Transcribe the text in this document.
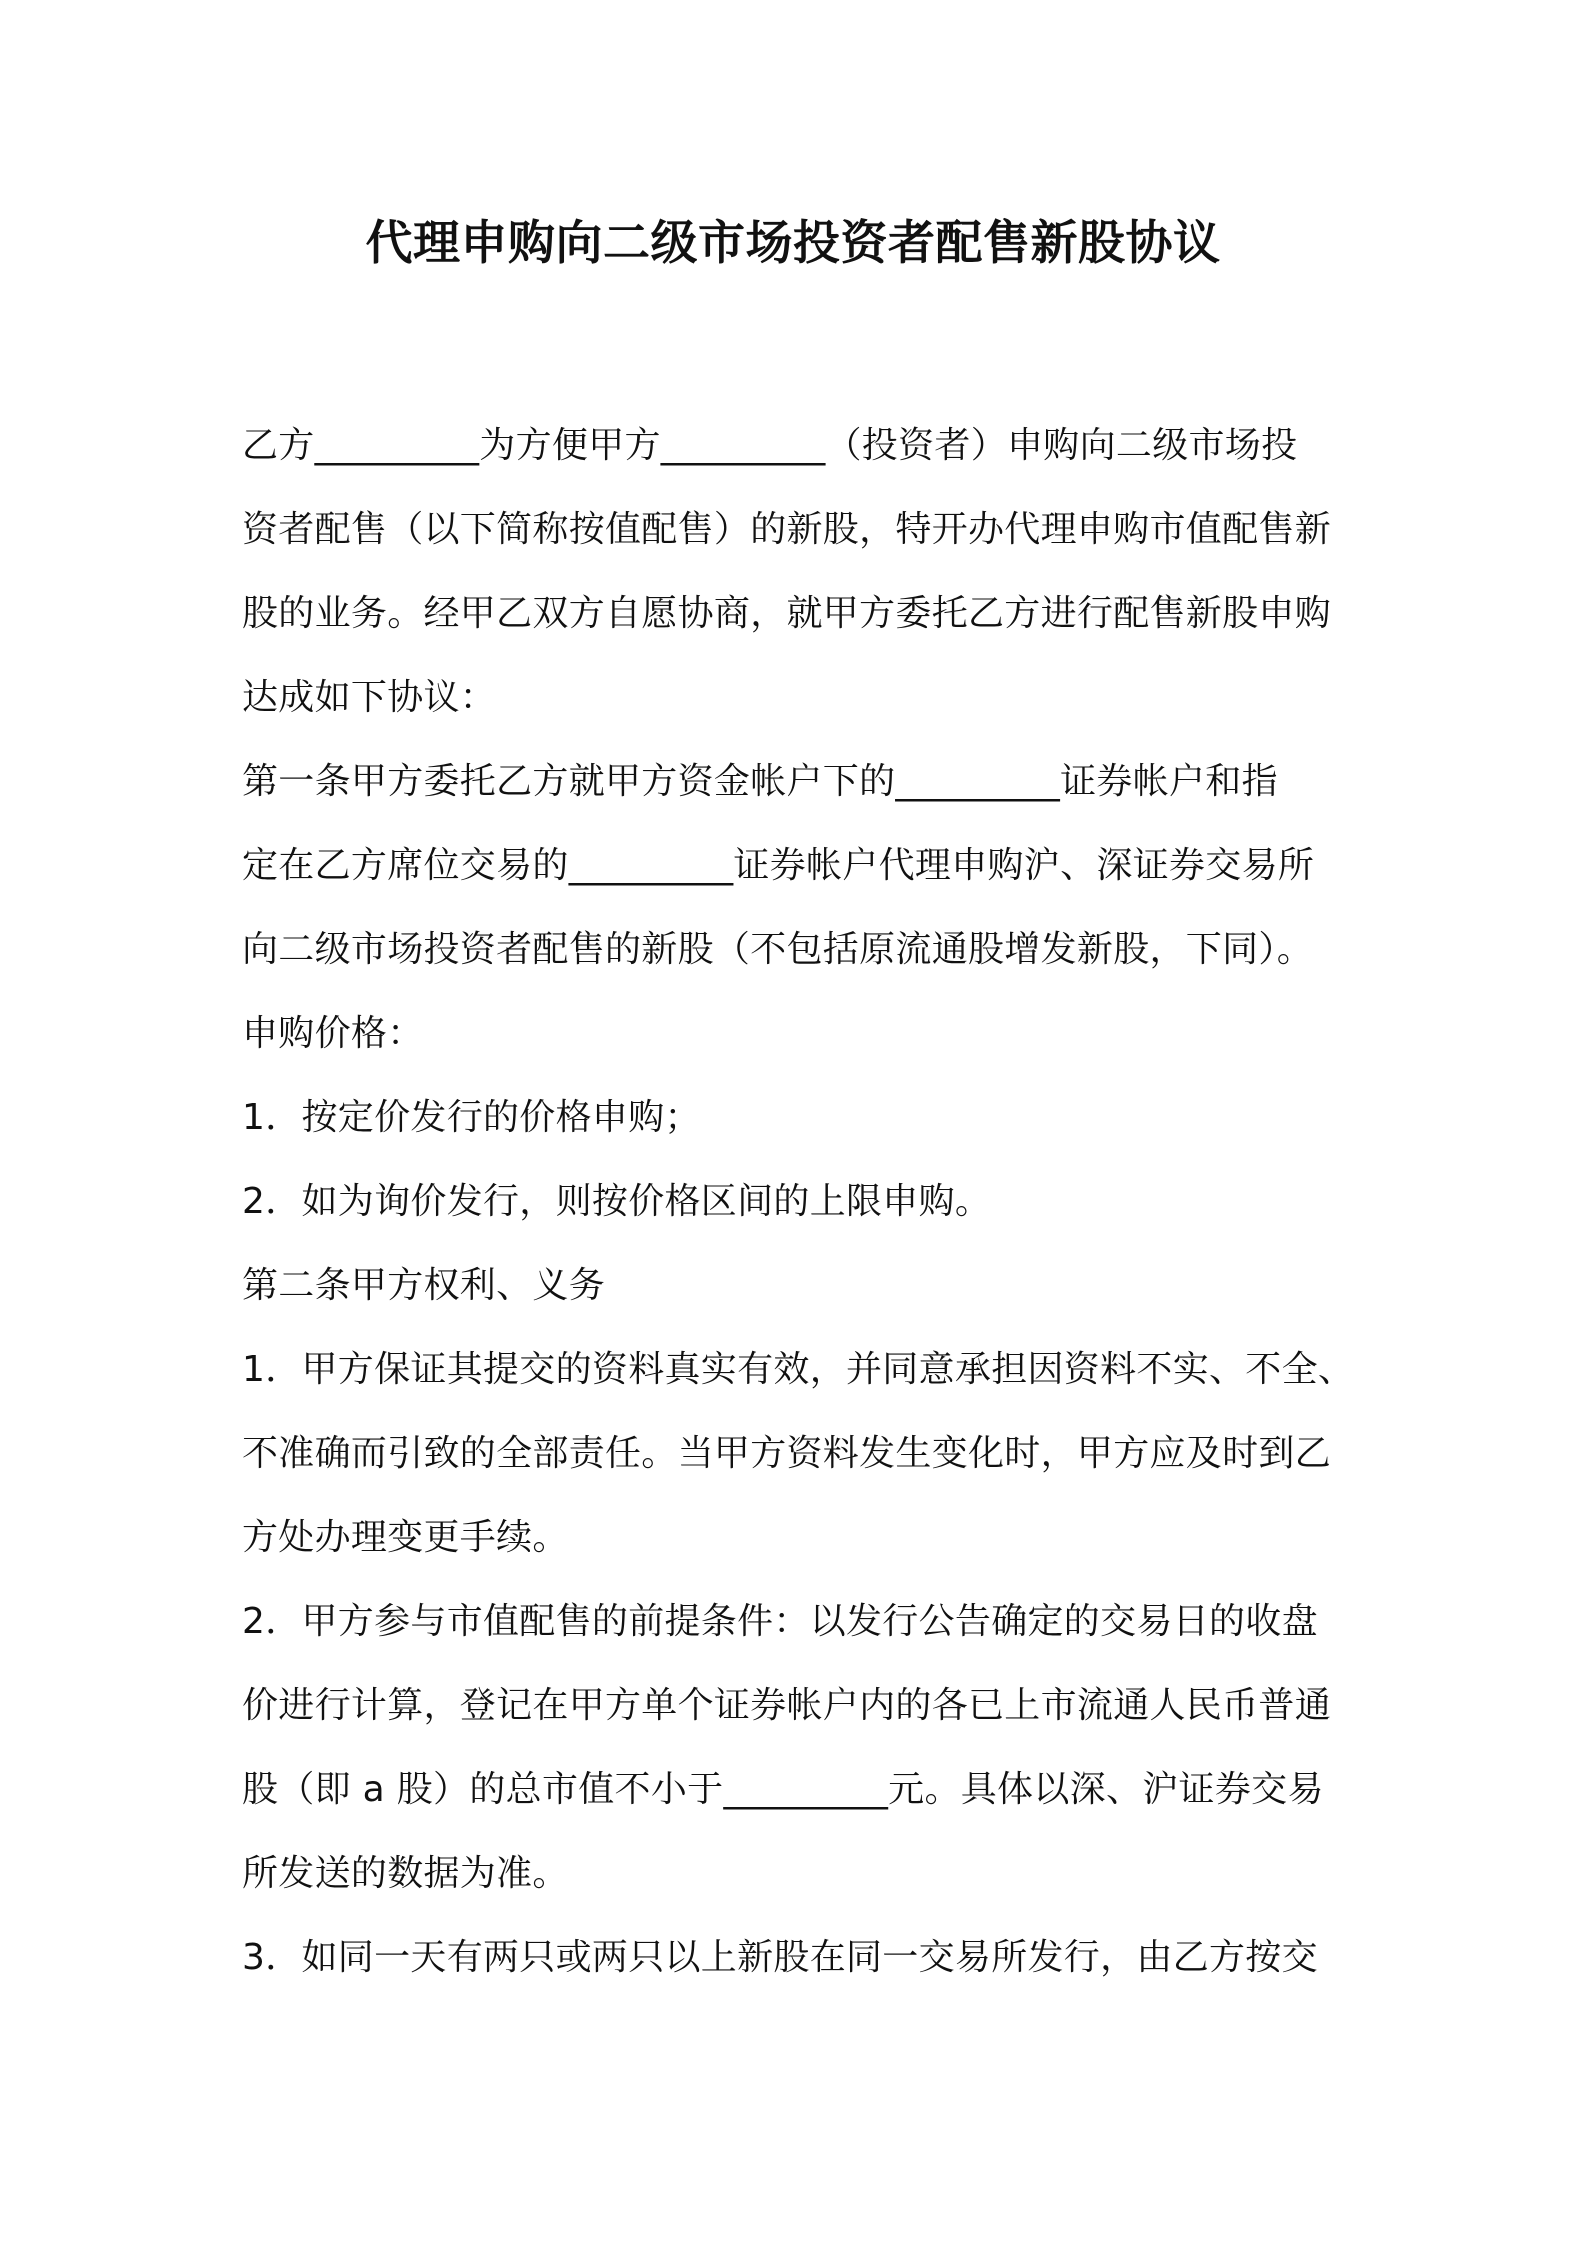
代理申购向二级市场投资者配售新股协议
乙方_________为方便甲方_________（投资者）申购向二级市场投
资者配售（以下简称按值配售）的新股，特开办代理申购市值配售新
股的业务。经甲乙双方自愿协商，就甲方委托乙方进行配售新股申购
达成如下协议：
第一条甲方委托乙方就甲方资金帐户下的_________证券帐户和指
定在乙方席位交易的_________证券帐户代理申购沪、深证券交易所
向二级市场投资者配售的新股（不包括原流通股增发新股，下同）。
申购价格：
1．按定价发行的价格申购；
2．如为询价发行，则按价格区间的上限申购。
第二条甲方权利、义务
1．甲方保证其提交的资料真实有效，并同意承担因资料不实、不全、
不准确而引致的全部责任。当甲方资料发生变化时，甲方应及时到乙
方处办理变更手续。
2．甲方参与市值配售的前提条件：以发行公告确定的交易日的收盘
价进行计算，登记在甲方单个证券帐户内的各已上市流通人民币普通
股（即 a 股）的总市值不小于_________元。具体以深、沪证券交易
所发送的数据为准。
3．如同一天有两只或两只以上新股在同一交易所发行，由乙方按交
